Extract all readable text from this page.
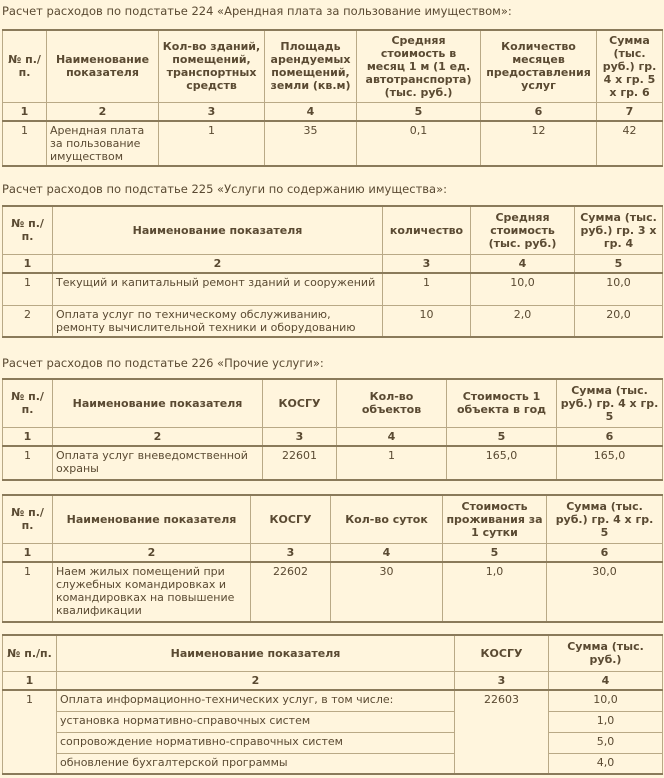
Расчет расходов по подстатье 224 «Арендная плата за пользование имуществом»:
№ п./п.	Наименование показателя	Кол-во зданий, помещений, транспортных средств	Площадь арендуемых помещений, земли (кв.м)	Средняя стоимость в месяц 1 м (1 ед. автотранспорта) (тыс. руб.)	Количество месяцев предоставления услуг	Сумма (тыс. руб.) гр. 4 х гр. 5 х гр. 6
1	2	3	4	5	6	7
1	Арендная плата за пользование имуществом	1	35	0,1	12	42
Расчет расходов по подстатье 225 «Услуги по содержанию имущества»:
№ п./п.	Наименование показателя	количество	Средняя стоимость (тыс. руб.)	Сумма (тыс. руб.) гр. 3 х гр. 4
1	2	3	4	5
1	Текущий и капитальный ремонт зданий и сооружений	1	10,0	10,0
2	Оплата услуг по техническому обслуживанию, ремонту вычислительной техники и оборудованию	10	2,0	20,0
Расчет расходов по подстатье 226 «Прочие услуги»:
№ п./п.	Наименование показателя	КОСГУ	Кол-во объектов	Стоимость 1 объекта в год	Сумма (тыс. руб.) гр. 4 х гр. 5
1	2	3	4	5	6
1	Оплата услуг вневедомственной охраны	22601	1	165,0	165,0
№ п./п.	Наименование показателя	КОСГУ	Кол-во суток	Стоимость проживания за 1 сутки	Сумма (тыс. руб.) гр. 4 х гр. 5
1	2	3	4	5	6
1	Наем жилых помещений при служебных командировках и командировках на повышение квалификации	22602	30	1,0	30,0
№ п./п.	Наименование показателя	КОСГУ	Сумма (тыс. руб.)
1	2	3	4
1	Оплата информационно-технических услуг, в том числе:	22603	10,0
	установка нормативно-справочных систем		1,0
	сопровождение нормативно-справочных систем		5,0
	обновление бухгалтерской программы		4,0
